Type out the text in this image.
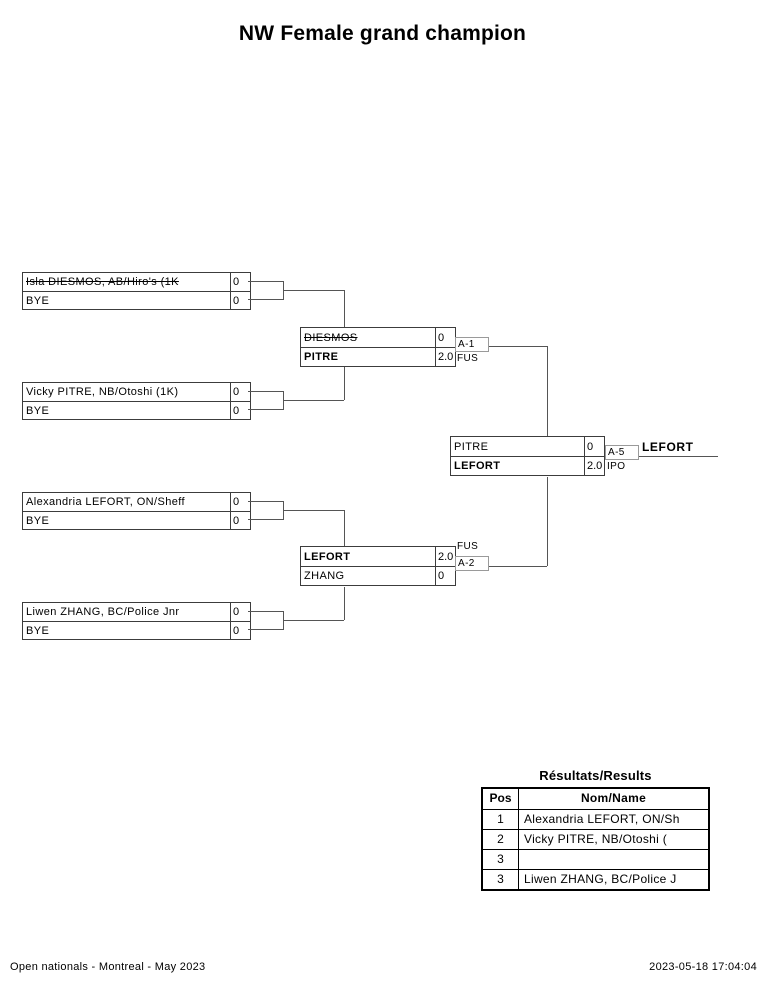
NW Female grand champion
Isla DIESMOS, AB/Hiro's (1K	0
BYE	0
Vicky PITRE, NB/Otoshi (1K)	0
BYE	0
Alexandria LEFORT, ON/Sheff	0
BYE	0
Liwen ZHANG, BC/Police Jnr	0
BYE	0
DIESMOS	0
PITRE	2.0
LEFORT	2.0
ZHANG	0
PITRE	0
LEFORT	2.0
A-1
FUS
FUS
A-2
A-5
IPO
LEFORT
Résultats/Results
Pos	Nom/Name
1	Alexandria LEFORT, ON/Sh
2	Vicky PITRE, NB/Otoshi (
3
3	Liwen ZHANG, BC/Police J
Open nationals - Montreal - May 2023	2023-05-18 17:04:04
